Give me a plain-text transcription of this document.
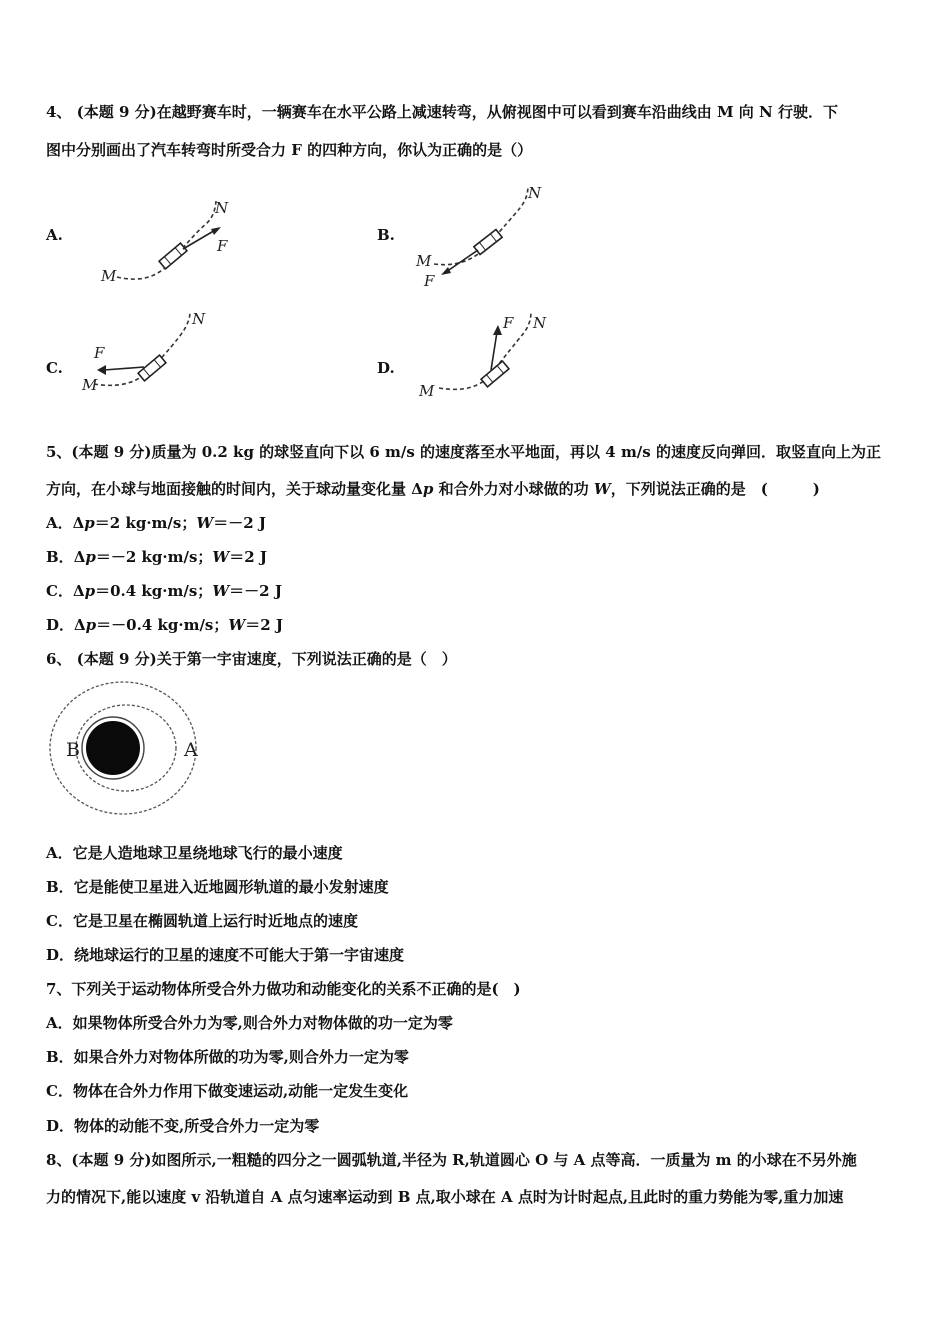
4、 (本题 9 分)在越野赛车时，一辆赛车在水平公路上减速转弯，从俯视图中可以看到赛车沿曲线由 M 向 N 行驶．下
图中分别画出了汽车转弯时所受合力 F 的四种方向，你认为正确的是（）
A.
M
N
F
B.
M
N
F
C.
M
N
F
D.
M
N
F
5、(本题 9 分)质量为 0.2 kg 的球竖直向下以 6 m/s 的速度落至水平地面，再以 4 m/s 的速度反向弹回．取竖直向上为正
方向，在小球与地面接触的时间内，关于球动量变化量 Δp 和合外力对小球做的功 W，下列说法正确的是　(　　　)
A．Δp＝2 kg·m/s；W＝－2 J
B．Δp＝－2 kg·m/s；W＝2 J
C．Δp＝0.4 kg·m/s；W＝－2 J
D．Δp＝－0.4 kg·m/s；W＝2 J
6、 (本题 9 分)关于第一宇宙速度，下列说法正确的是（　）
B	A
A．它是人造地球卫星绕地球飞行的最小速度
B．它是能使卫星进入近地圆形轨道的最小发射速度
C．它是卫星在椭圆轨道上运行时近地点的速度
D．绕地球运行的卫星的速度不可能大于第一宇宙速度
7、下列关于运动物体所受合外力做功和动能变化的关系不正确的是(　)
A．如果物体所受合外力为零,则合外力对物体做的功一定为零
B．如果合外力对物体所做的功为零,则合外力一定为零
C．物体在合外力作用下做变速运动,动能一定发生变化
D．物体的动能不变,所受合外力一定为零
8、(本题 9 分)如图所示,一粗糙的四分之一圆弧轨道,半径为 R,轨道圆心 O 与 A 点等高．一质量为 m 的小球在不另外施
力的情况下,能以速度 v 沿轨道自 A 点匀速率运动到 B 点,取小球在 A 点时为计时起点,且此时的重力势能为零,重力加速
